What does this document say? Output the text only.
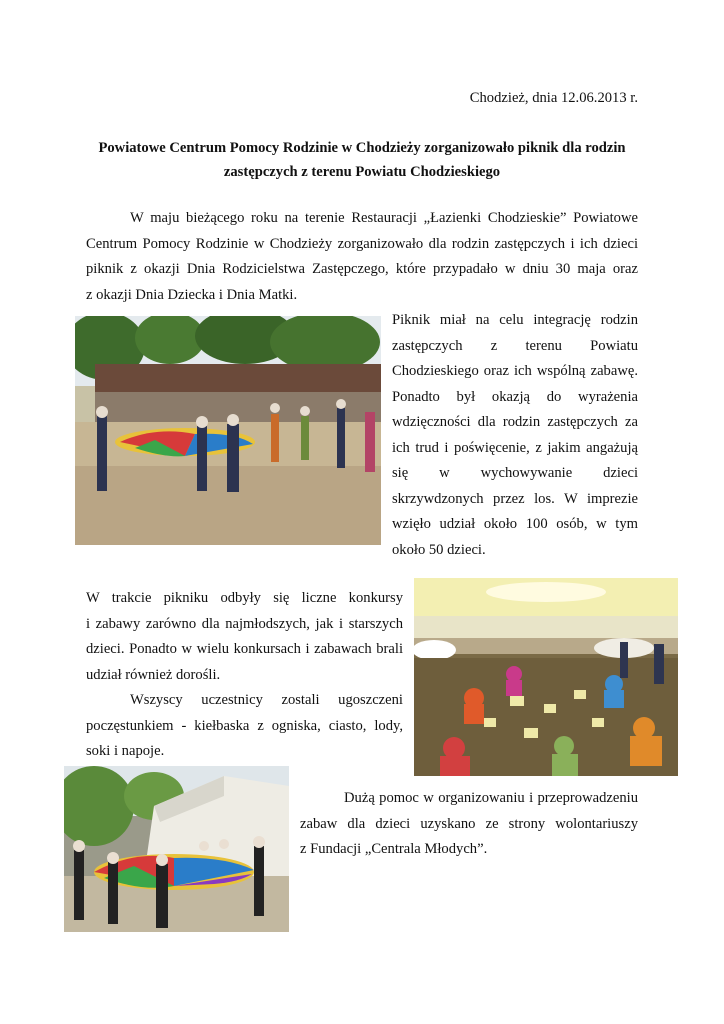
Chodzież, dnia 12.06.2013 r.
Powiatowe Centrum Pomocy Rodzinie w Chodzieży zorganizowało piknik dla rodzin
zastępczych z terenu Powiatu Chodzieskiego
W maju bieżącego roku na terenie Restauracji „Łazienki Chodzieskie” Powiatowe
Centrum Pomocy Rodzinie w Chodzieży zorganizowało dla rodzin zastępczych i ich dzieci
piknik z okazji Dnia Rodzicielstwa Zastępczego, które przypadało w dniu 30 maja oraz
z okazji Dnia Dziecka i Dnia Matki.
Piknik miał na celu integrację rodzin
zastępczych z terenu Powiatu
Chodzieskiego oraz ich wspólną zabawę.
Ponadto był okazją do wyrażenia
wdzięczności dla rodzin zastępczych za
ich trud i poświęcenie, z jakim angażują
się w wychowywanie dzieci
skrzywdzonych przez los. W imprezie
wzięło udział około 100 osób, w tym
około 50 dzieci.
W trakcie pikniku odbyły się liczne konkursy
i zabawy zarówno dla najmłodszych, jak i starszych
dzieci. Ponadto w wielu konkursach i zabawach brali
udział również dorośli.
Wszyscy uczestnicy zostali ugoszczeni
poczęstunkiem - kiełbaska z ogniska, ciasto, lody,
soki i napoje.
Dużą pomoc w organizowaniu i przeprowadzeniu
zabaw dla dzieci uzyskano ze strony wolontariuszy
z Fundacji „Centrala Młodych”.
